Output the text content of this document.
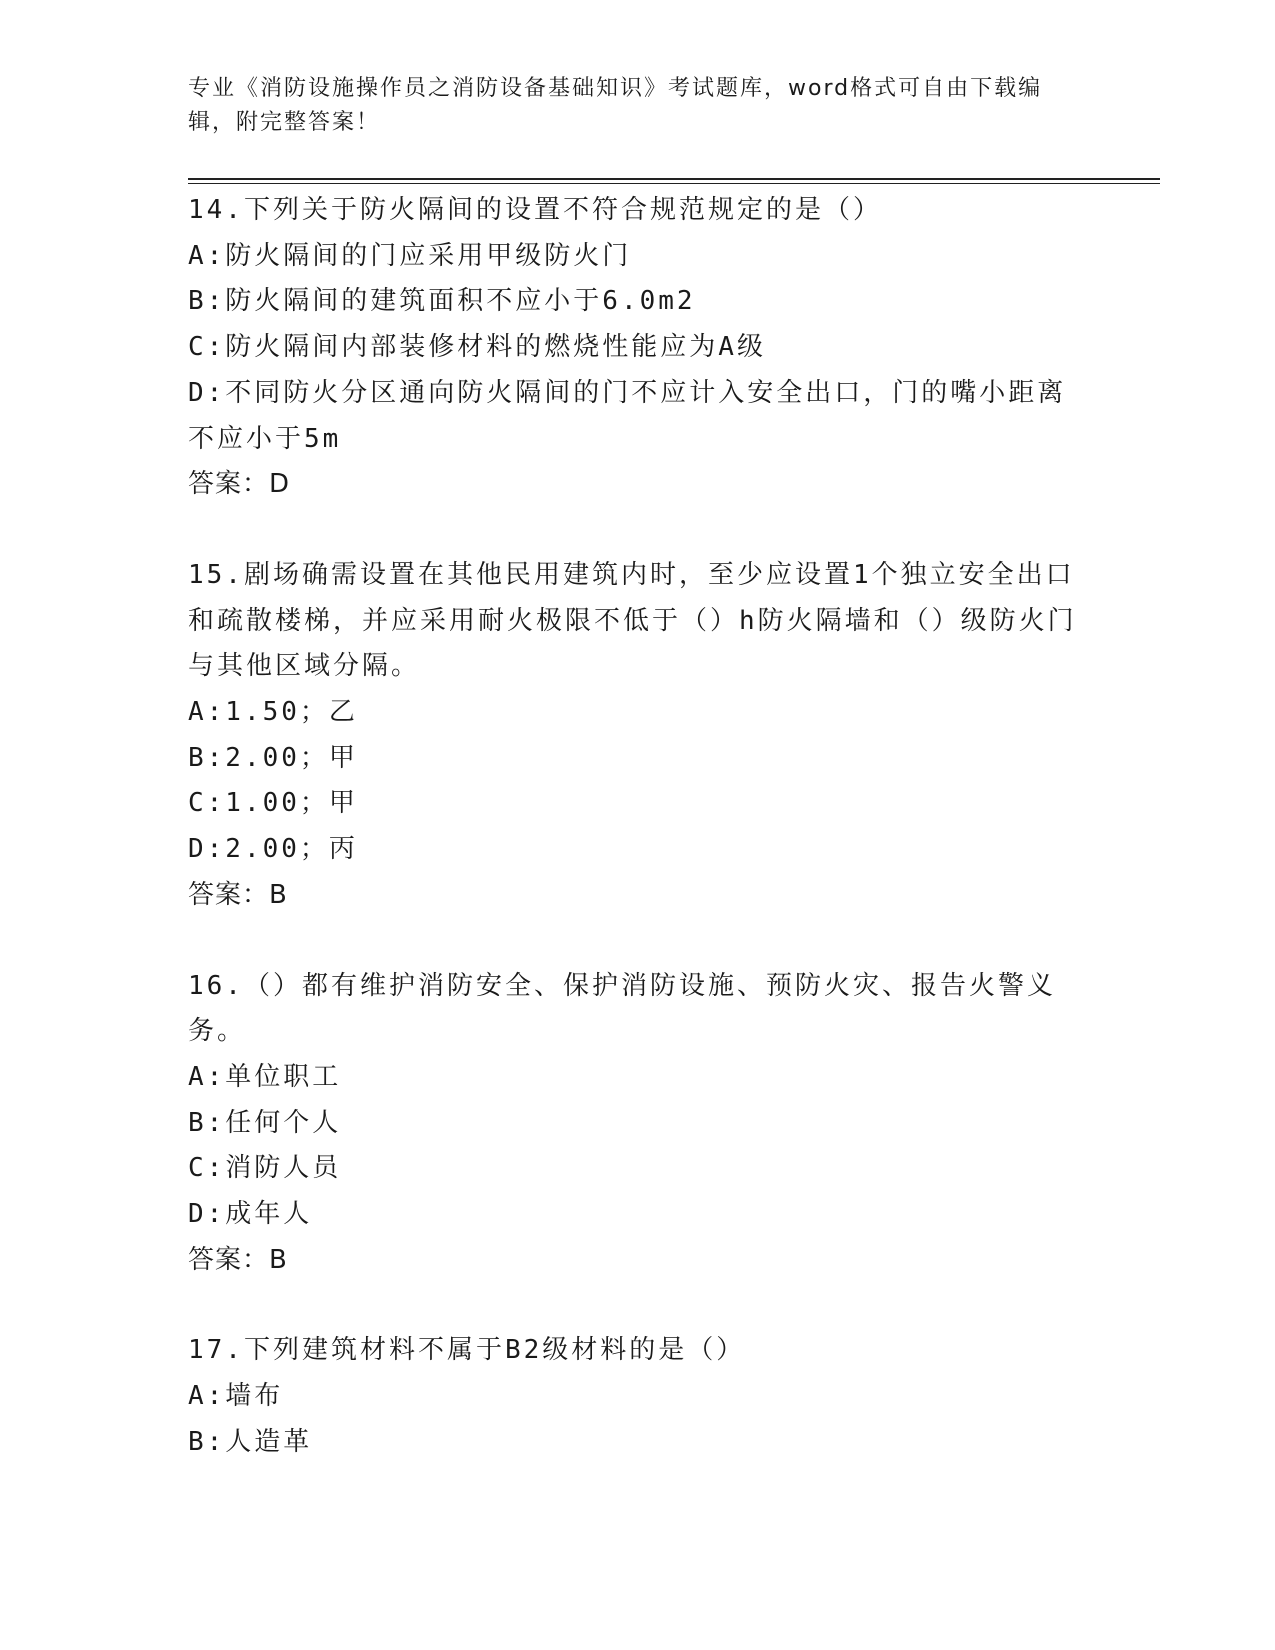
专业《消防设施操作员之消防设备基础知识》考试题库，word格式可自由下载编辑，附完整答案！
14.下列关于防火隔间的设置不符合规范规定的是（）
A:防火隔间的门应采用甲级防火门
B:防火隔间的建筑面积不应小于6.0m2
C:防火隔间内部装修材料的燃烧性能应为A级
D:不同防火分区通向防火隔间的门不应计入安全出口，门的嘴小距离不应小于5m
答案：D
15.剧场确需设置在其他民用建筑内时，至少应设置1个独立安全出口和疏散楼梯，并应采用耐火极限不低于（）h防火隔墙和（）级防火门与其他区域分隔。
A:1.50；乙
B:2.00；甲
C:1.00；甲
D:2.00；丙
答案：B
16.（）都有维护消防安全、保护消防设施、预防火灾、报告火警义务。
A:单位职工
B:任何个人
C:消防人员
D:成年人
答案：B
17.下列建筑材料不属于B2级材料的是（）
A:墙布
B:人造革
